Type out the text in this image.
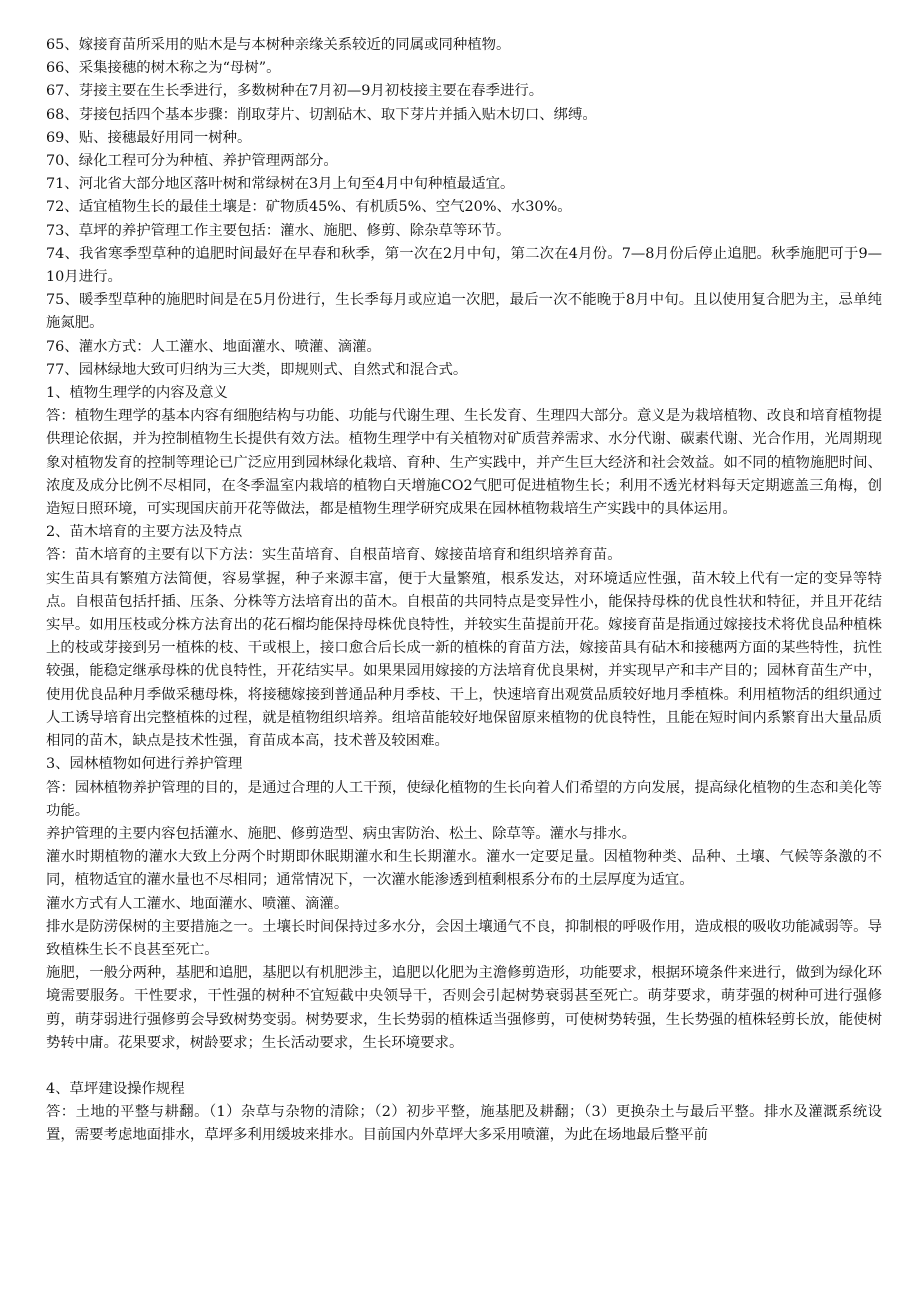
65、嫁接育苗所采用的贴木是与本树种亲缘关系较近的同属或同种植物。

66、采集接穗的树木称之为“母树”。

67、芽接主要在生长季进行，多数树种在7月初—9月初枝接主要在春季进行。

68、芽接包括四个基本步骤：削取芽片、切割砧木、取下芽片并插入贴木切口、绑缚。

69、贴、接穗最好用同一树种。

70、绿化工程可分为种植、养护管理两部分。

71、河北省大部分地区落叶树和常绿树在3月上旬至4月中旬种植最适宜。

72、适宜植物生长的最佳土壤是：矿物质45%、有机质5%、空气20%、水30%。

73、草坪的养护管理工作主要包括：灌水、施肥、修剪、除杂草等环节。

74、我省寒季型草种的追肥时间最好在早春和秋季，第一次在2月中旬，第二次在4月份。7—8月份后停止追肥。秋季施肥可于9—10月进行。

75、暖季型草种的施肥时间是在5月份进行，生长季每月或应追一次肥，最后一次不能晚于8月中旬。且以使用复合肥为主，忌单纯施氮肥。

76、灌水方式：人工灌水、地面灌水、喷灌、滴灌。

77、园林绿地大致可归纳为三大类，即规则式、自然式和混合式。

1、植物生理学的内容及意义

答：植物生理学的基本内容有细胞结构与功能、功能与代谢生理、生长发育、生理四大部分。意义是为栽培植物、改良和培育植物提供理论依据，并为控制植物生长提供有效方法。植物生理学中有关植物对矿质营养需求、水分代谢、碳素代谢、光合作用，光周期现象对植物发育的控制等理论已广泛应用到园林绿化栽培、育种、生产实践中，并产生巨大经济和社会效益。如不同的植物施肥时间、浓度及成分比例不尽相同，在冬季温室内栽培的植物白天增施CO2气肥可促进植物生长；利用不透光材料每天定期遮盖三角梅，创造短日照环境，可实现国庆前开花等做法，都是植物生理学研究成果在园林植物栽培生产实践中的具体运用。

2、苗木培育的主要方法及特点

答：苗木培育的主要有以下方法：实生苗培育、自根苗培育、嫁接苗培育和组织培养育苗。

实生苗具有繁殖方法简便，容易掌握，种子来源丰富，便于大量繁殖，根系发达，对环境适应性强，苗木较上代有一定的变异等特点。自根苗包括扦插、压条、分株等方法培育出的苗木。自根苗的共同特点是变异性小，能保持母株的优良性状和特征，并且开花结实早。如用压枝或分株方法育出的花石榴均能保持母株优良特性，并较实生苗提前开花。嫁接育苗是指通过嫁接技术将优良品种植株上的枝或芽接到另一植株的枝、干或根上，接口愈合后长成一新的植株的育苗方法，嫁接苗具有砧木和接穗两方面的某些特性，抗性较强，能稳定继承母株的优良特性，开花结实早。如果果园用嫁接的方法培育优良果树，并实现早产和丰产目的；园林育苗生产中，使用优良品种月季做采穗母株，将接穗嫁接到普通品种月季枝、干上，快速培育出观赏品质较好地月季植株。利用植物活的组织通过人工诱导培育出完整植株的过程，就是植物组织培养。组培苗能较好地保留原来植物的优良特性，且能在短时间内系繁育出大量品质相同的苗木，缺点是技术性强，育苗成本高，技术普及较困难。

3、园林植物如何进行养护管理

答：园林植物养护管理的目的，是通过合理的人工干预，使绿化植物的生长向着人们希望的方向发展，提高绿化植物的生态和美化等功能。

养护管理的主要内容包括灌水、施肥、修剪造型、病虫害防治、松土、除草等。灌水与排水。

灌水时期植物的灌水大致上分两个时期即休眠期灌水和生长期灌水。灌水一定要足量。因植物种类、品种、土壤、气候等条激的不同，植物适宜的灌水量也不尽相同；通常情况下，一次灌水能渗透到植剩根系分布的土层厚度为适宜。

灌水方式有人工灌水、地面灌水、喷灌、滴灌。

排水是防涝保树的主要措施之一。土壤长时间保持过多水分，会因土壤通气不良，抑制根的呼吸作用，造成根的吸收功能减弱等。导致植株生长不良甚至死亡。

施肥，一般分两种，基肥和追肥，基肥以有机肥渉主，追肥以化肥为主澹修剪造形，功能要求，根据环境条件来进行，做到为绿化环境需要服务。干性要求，干性强的树种不宜短截中央领导干，否则会引起树势衰弱甚至死亡。萌芽要求，萌芽强的树种可进行强修剪，萌芽弱进行强修剪会导致树势变弱。树势要求，生长势弱的植株适当强修剪，可使树势转强，生长势强的植株轻剪长放，能使树势转中庸。花果要求，树龄要求；生长活动要求，生长环境要求。

4、草坪建设操作规程

答：土地的平整与耕翻。（1）杂草与杂物的清除；（2）初步平整，施基肥及耕翻；（3）更换杂土与最后平整。排水及灌溉系统设置，需要考虑地面排水，草坪多利用缓坡来排水。目前国内外草坪大多采用喷灌，为此在场地最后整平前
